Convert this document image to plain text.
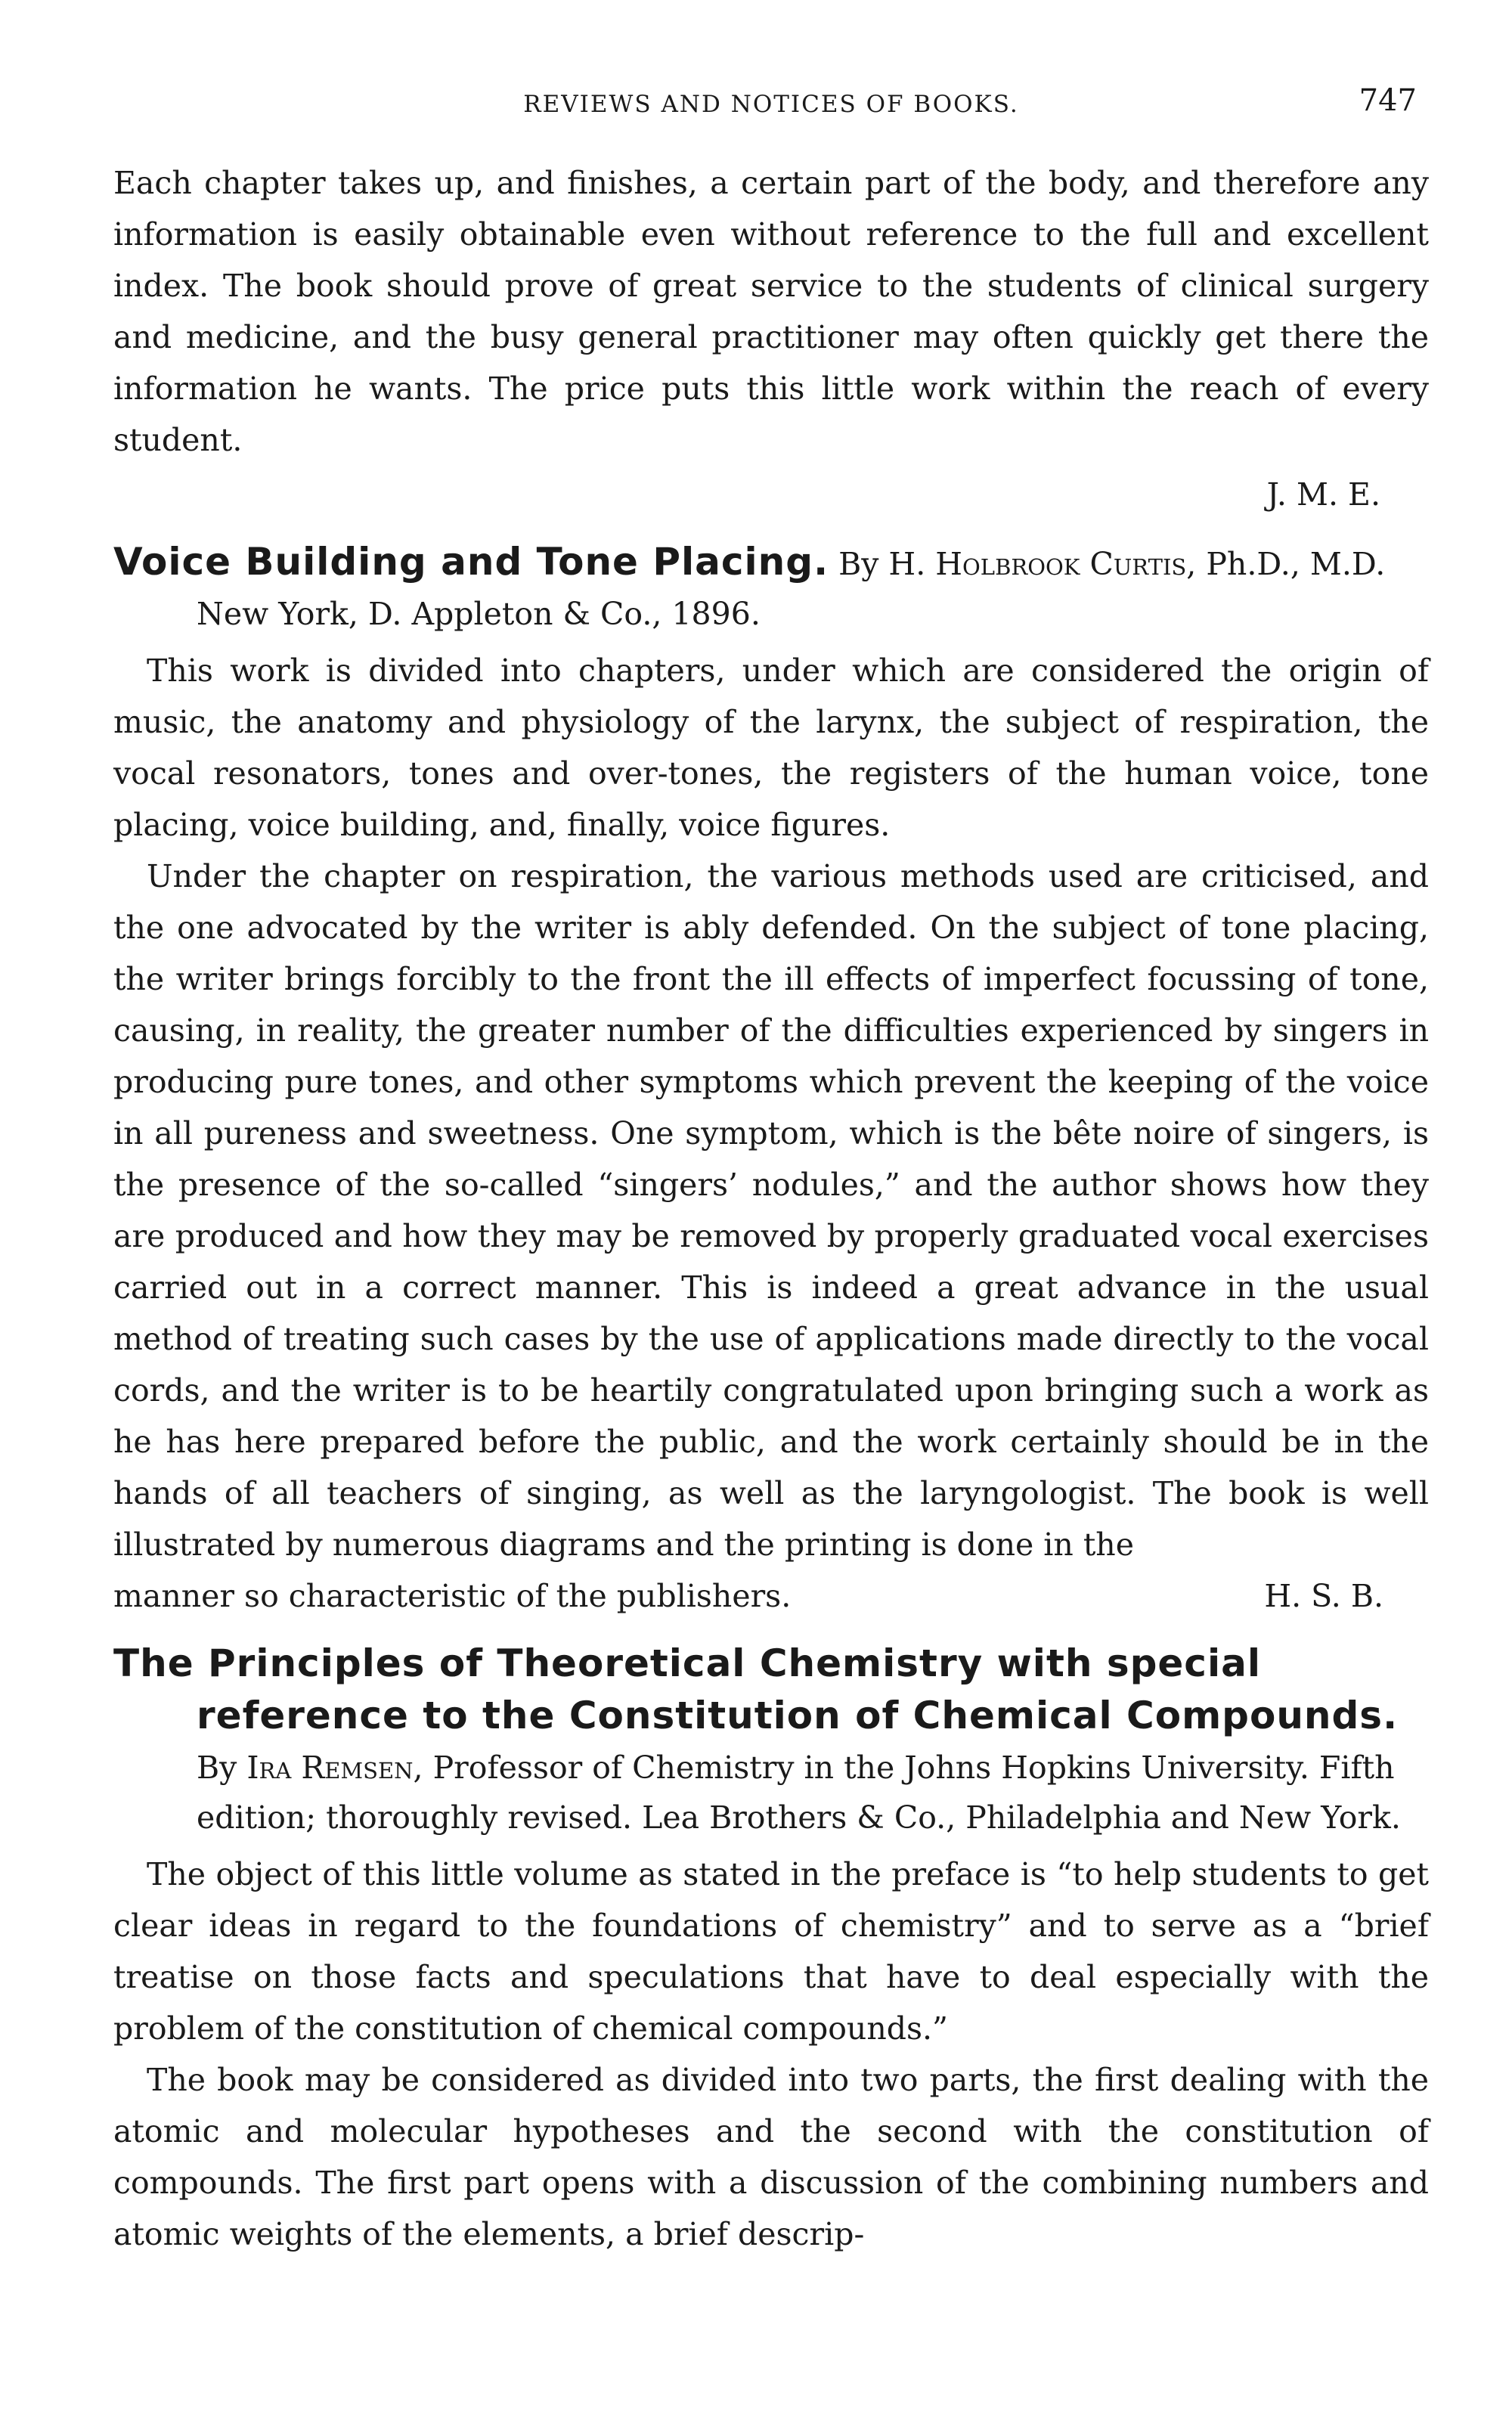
REVIEWS AND NOTICES OF BOOKS.	747

Each chapter takes up, and finishes, a certain part of the body, and therefore any information is easily obtainable even without reference to the full and excellent index. The book should prove of great service to the students of clinical surgery and medicine, and the busy general practitioner may often quickly get there the information he wants. The price puts this little work within the reach of every student.

J. M. E.
Voice Building and Tone Placing. By H. Holbrook Curtis, Ph.D., M.D. New York, D. Appleton & Co., 1896.

This work is divided into chapters, under which are considered the origin of music, the anatomy and physiology of the larynx, the subject of respiration, the vocal resonators, tones and over-tones, the registers of the human voice, tone placing, voice building, and, finally, voice figures.

Under the chapter on respiration, the various methods used are criticised, and the one advocated by the writer is ably defended. On the subject of tone placing, the writer brings forcibly to the front the ill effects of imperfect focussing of tone, causing, in reality, the greater number of the difficulties experienced by singers in producing pure tones, and other symptoms which prevent the keeping of the voice in all pureness and sweetness. One symptom, which is the bête noire of singers, is the presence of the so-called “singers’ nodules,” and the author shows how they are produced and how they may be removed by properly graduated vocal exercises carried out in a correct manner. This is indeed a great advance in the usual method of treating such cases by the use of applications made directly to the vocal cords, and the writer is to be heartily congratulated upon bringing such a work as he has here prepared before the public, and the work certainly should be in the hands of all teachers of singing, as well as the laryngologist. The book is well illustrated by numerous diagrams and the printing is done in the

manner so characteristic of the publishers.	H. S. B.
The Principles of Theoretical Chemistry with special reference to the Constitution of Chemical Compounds. By Ira Remsen, Professor of Chemistry in the Johns Hopkins University. Fifth edition; thoroughly revised. Lea Brothers & Co., Philadelphia and New York.

The object of this little volume as stated in the preface is “to help students to get clear ideas in regard to the foundations of chemistry” and to serve as a “brief treatise on those facts and speculations that have to deal especially with the problem of the constitution of chemical compounds.”

The book may be considered as divided into two parts, the first dealing with the atomic and molecular hypotheses and the second with the constitution of compounds. The first part opens with a discussion of the combining numbers and atomic weights of the elements, a brief descrip-
